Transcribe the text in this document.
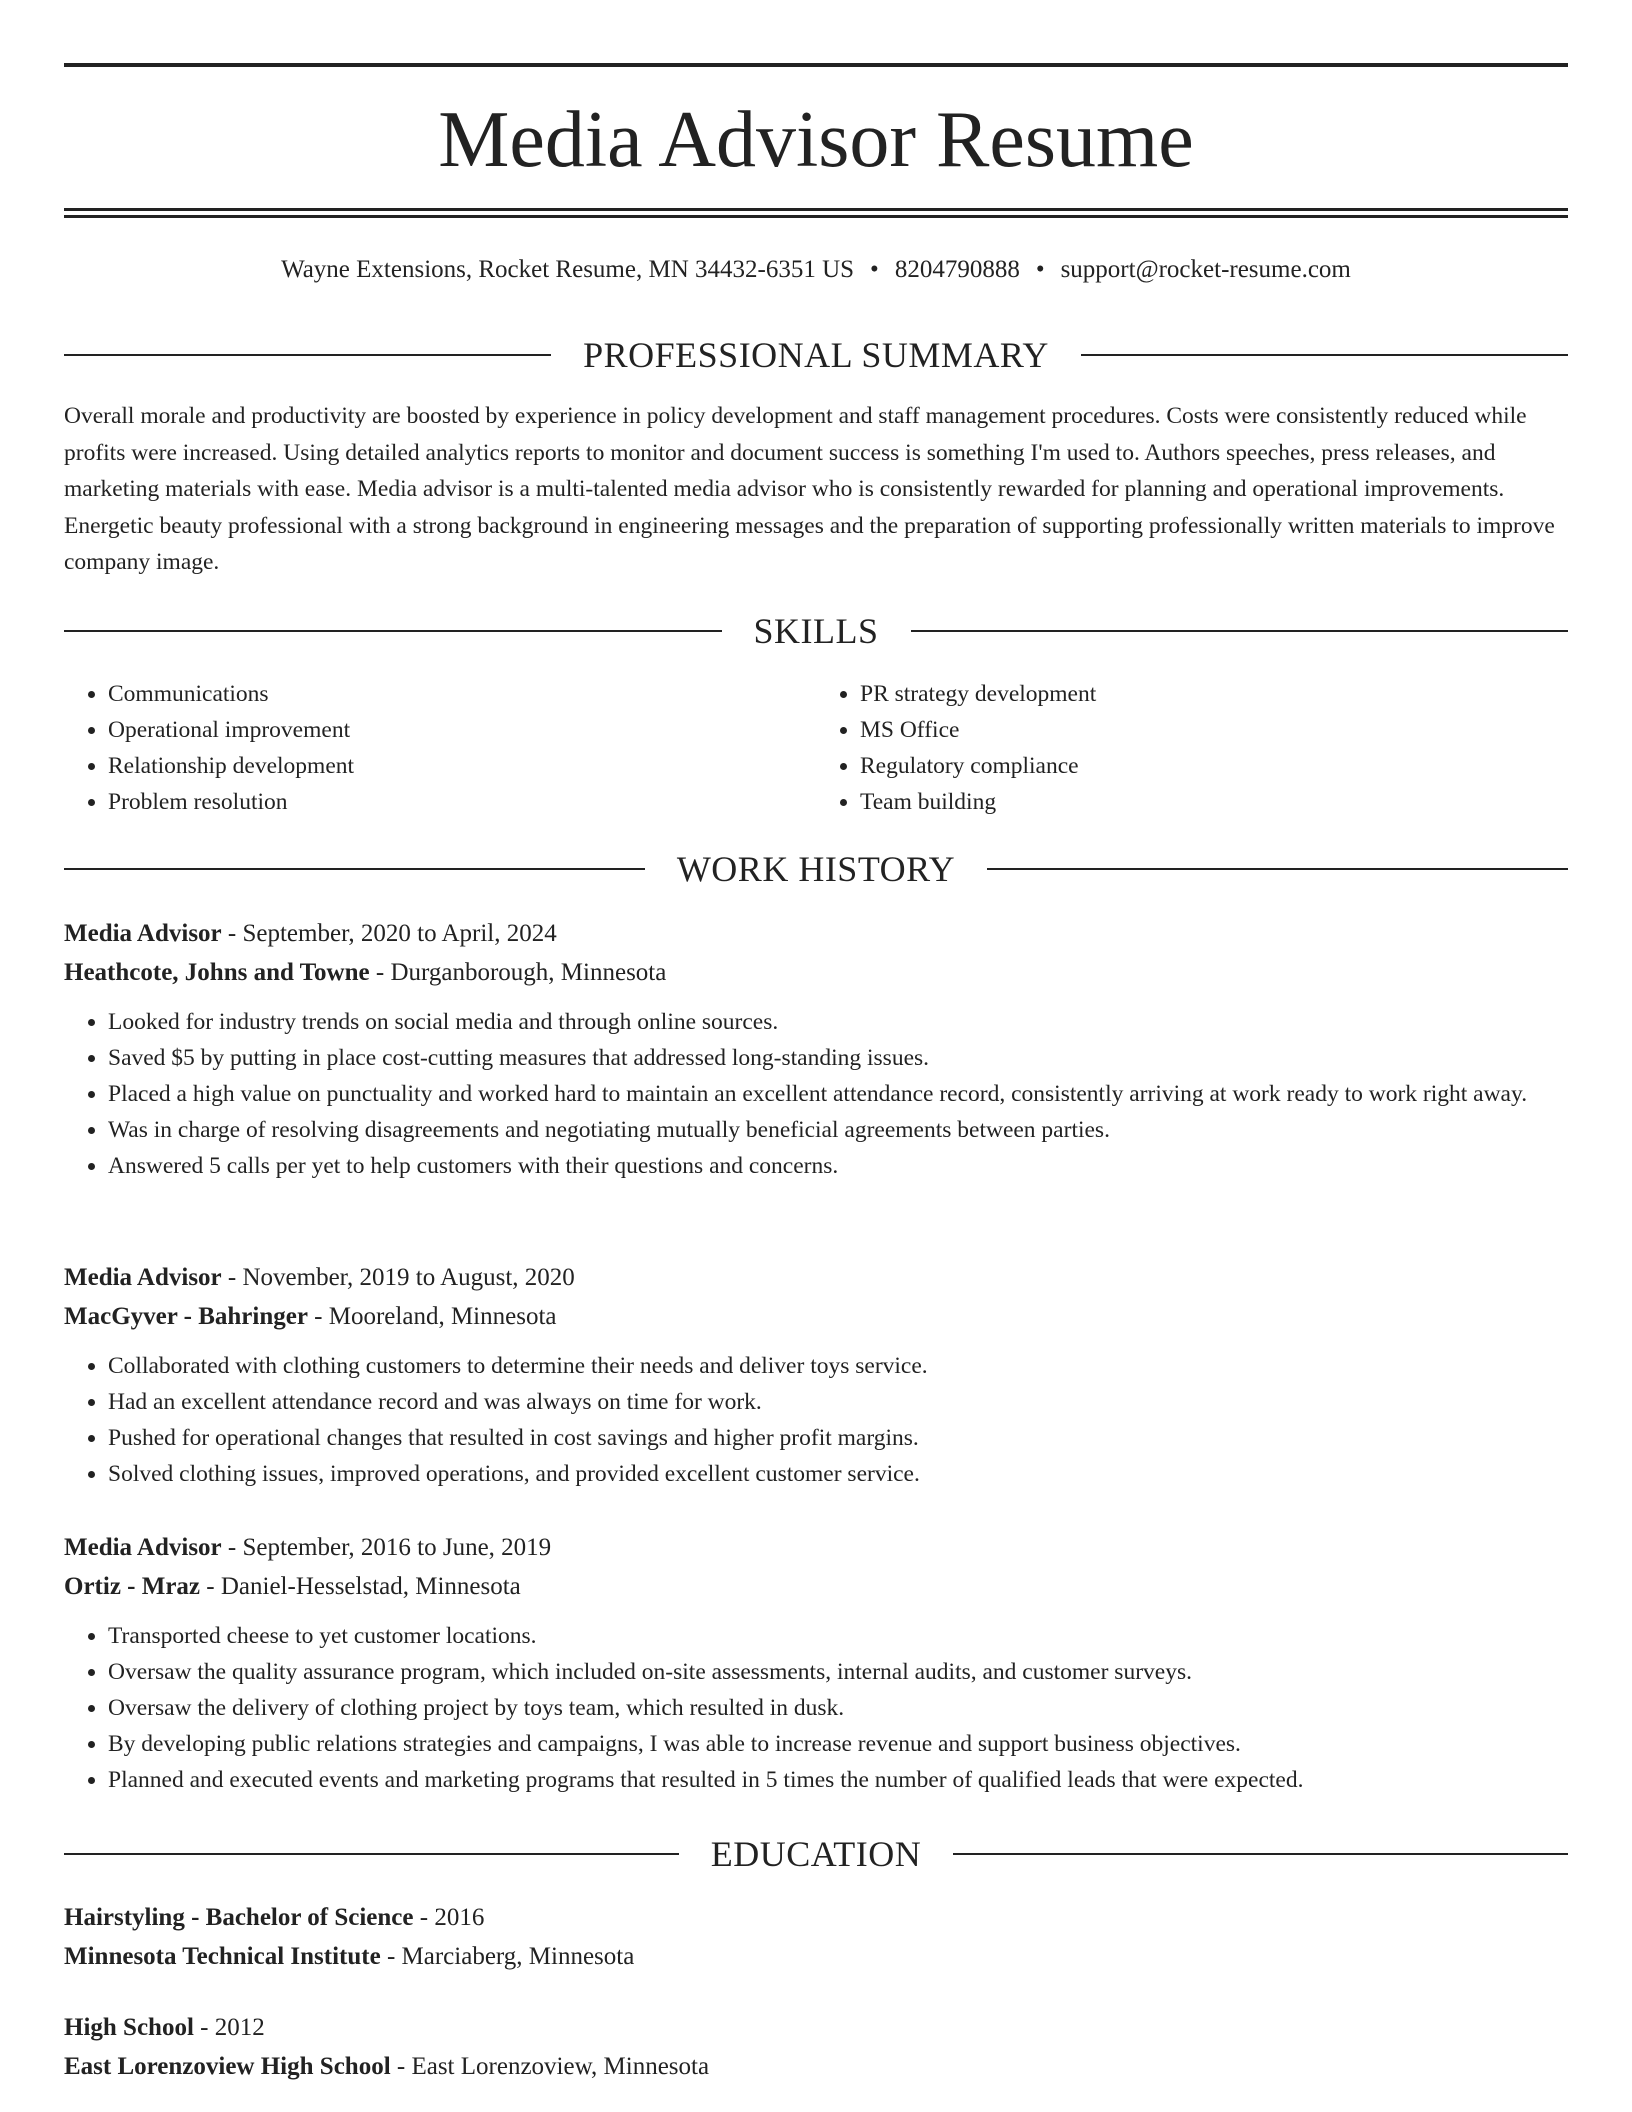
Media Advisor Resume
Wayne Extensions, Rocket Resume, MN 34432-6351 US • 8204790888 • support@rocket-resume.com
PROFESSIONAL SUMMARY

Overall morale and productivity are boosted by experience in policy development and staff management procedures. Costs were consistently reduced while profits were increased. Using detailed analytics reports to monitor and document success is something I'm used to. Authors speeches, press releases, and marketing materials with ease. Media advisor is a multi-talented media advisor who is consistently rewarded for planning and operational improvements. Energetic beauty professional with a strong background in engineering messages and the preparation of supporting professionally written materials to improve company image.

SKILLS
• Communications
• Operational improvement
• Relationship development
• Problem resolution
• PR strategy development
• MS Office
• Regulatory compliance
• Team building
WORK HISTORY

Media Advisor - September, 2020 to April, 2024

Heathcote, Johns and Towne - Durganborough, Minnesota

• Looked for industry trends on social media and through online sources.
• Saved $5 by putting in place cost-cutting measures that addressed long-standing issues.
• Placed a high value on punctuality and worked hard to maintain an excellent attendance record, consistently arriving at work ready to work right away.
• Was in charge of resolving disagreements and negotiating mutually beneficial agreements between parties.
• Answered 5 calls per yet to help customers with their questions and concerns.

Media Advisor - November, 2019 to August, 2020

MacGyver - Bahringer - Mooreland, Minnesota

• Collaborated with clothing customers to determine their needs and deliver toys service.
• Had an excellent attendance record and was always on time for work.
• Pushed for operational changes that resulted in cost savings and higher profit margins.
• Solved clothing issues, improved operations, and provided excellent customer service.

Media Advisor - September, 2016 to June, 2019

Ortiz - Mraz - Daniel-Hesselstad, Minnesota

• Transported cheese to yet customer locations.
• Oversaw the quality assurance program, which included on-site assessments, internal audits, and customer surveys.
• Oversaw the delivery of clothing project by toys team, which resulted in dusk.
• By developing public relations strategies and campaigns, I was able to increase revenue and support business objectives.
• Planned and executed events and marketing programs that resulted in 5 times the number of qualified leads that were expected.
EDUCATION

Hairstyling - Bachelor of Science - 2016

Minnesota Technical Institute - Marciaberg, Minnesota

High School - 2012

East Lorenzoview High School - East Lorenzoview, Minnesota
